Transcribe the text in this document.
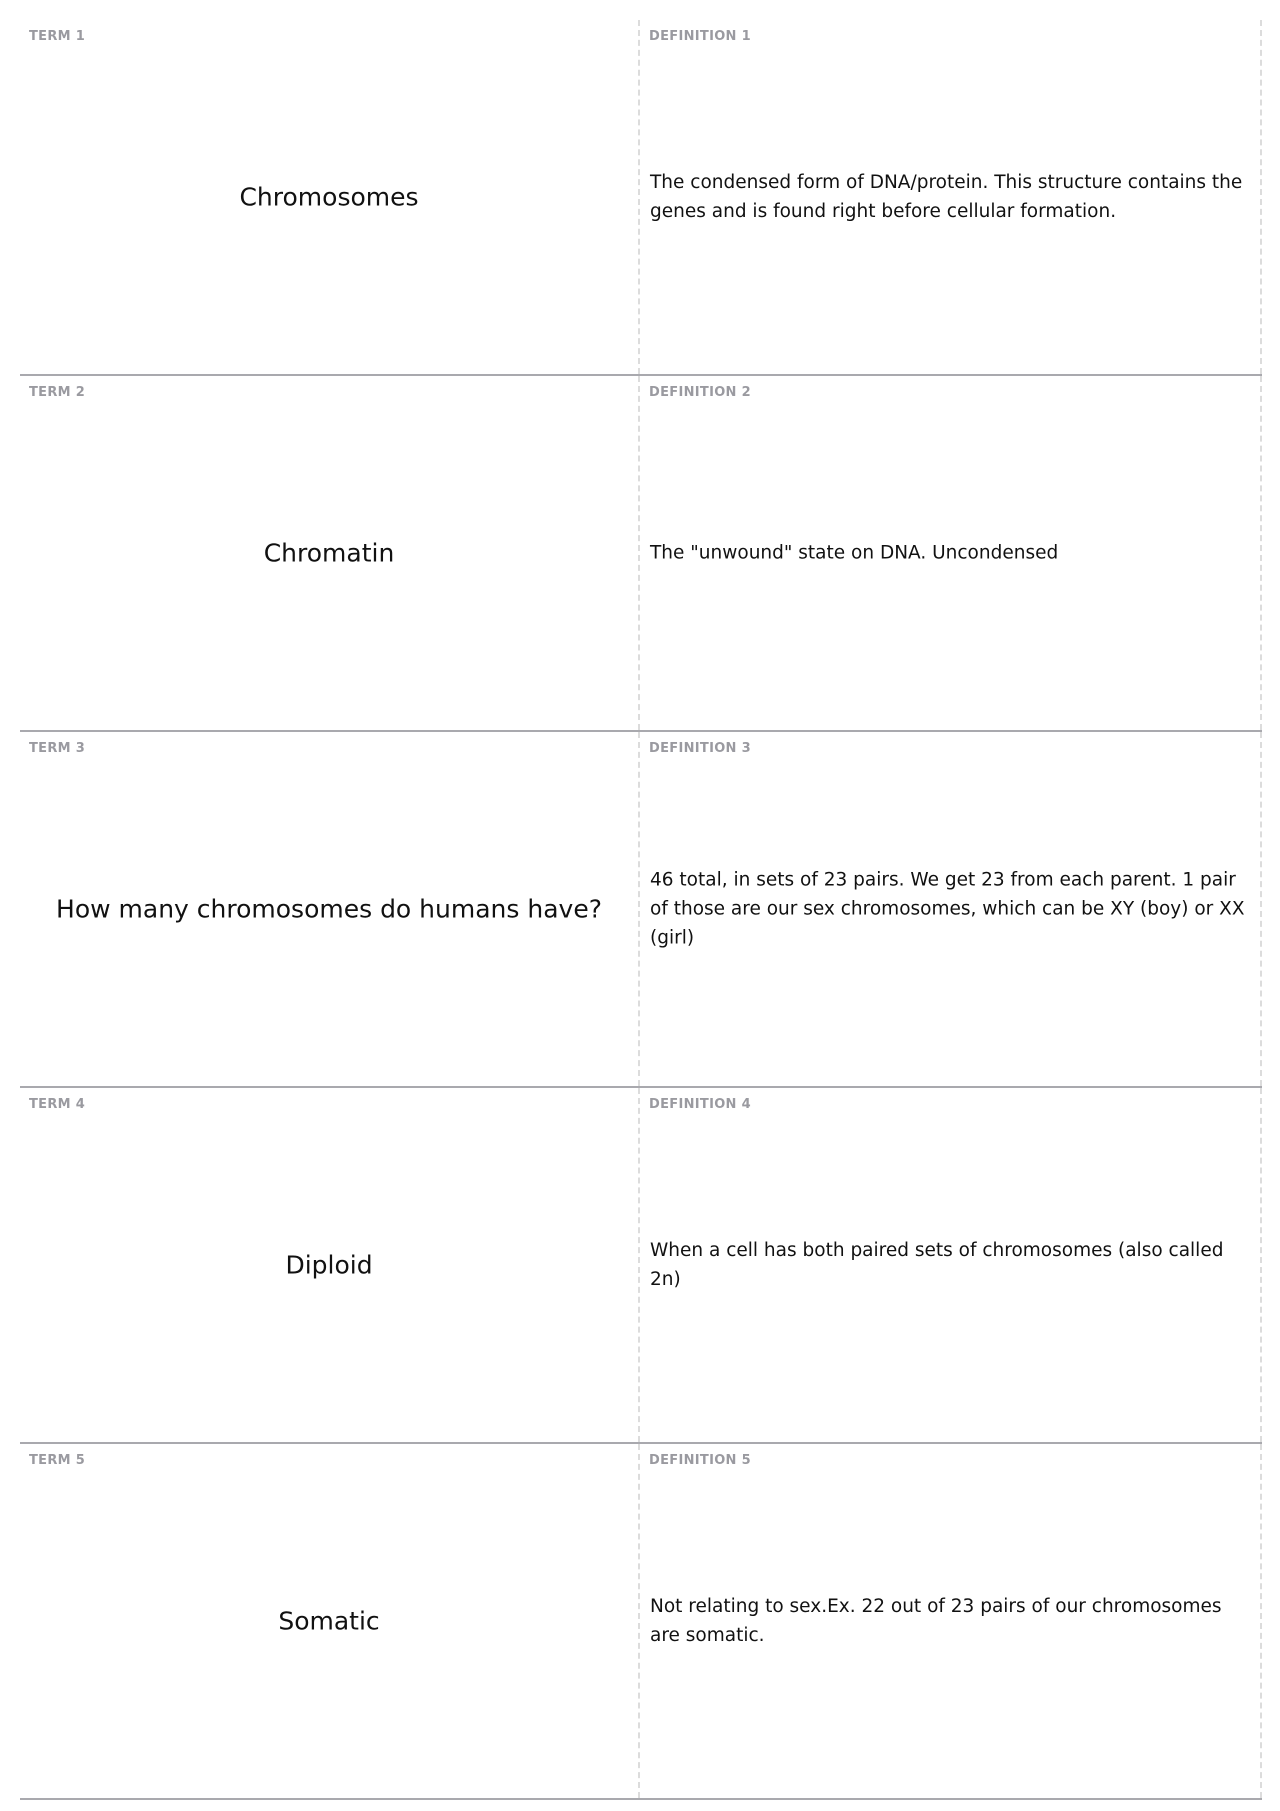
TERM 1
Chromosomes
DEFINITION 1
The condensed form of DNA/protein. This structure contains the genes and is found right before cellular formation.
TERM 2
Chromatin
DEFINITION 2
The "unwound" state on DNA. Uncondensed
TERM 3
How many chromosomes do humans have?
DEFINITION 3
46 total, in sets of 23 pairs. We get 23 from each parent. 1 pair of those are our sex chromosomes, which can be XY (boy) or XX (girl)
TERM 4
Diploid
DEFINITION 4
When a cell has both paired sets of chromosomes (also called 2n)
TERM 5
Somatic
DEFINITION 5
Not relating to sex.Ex. 22 out of 23 pairs of our chromosomes are somatic.
